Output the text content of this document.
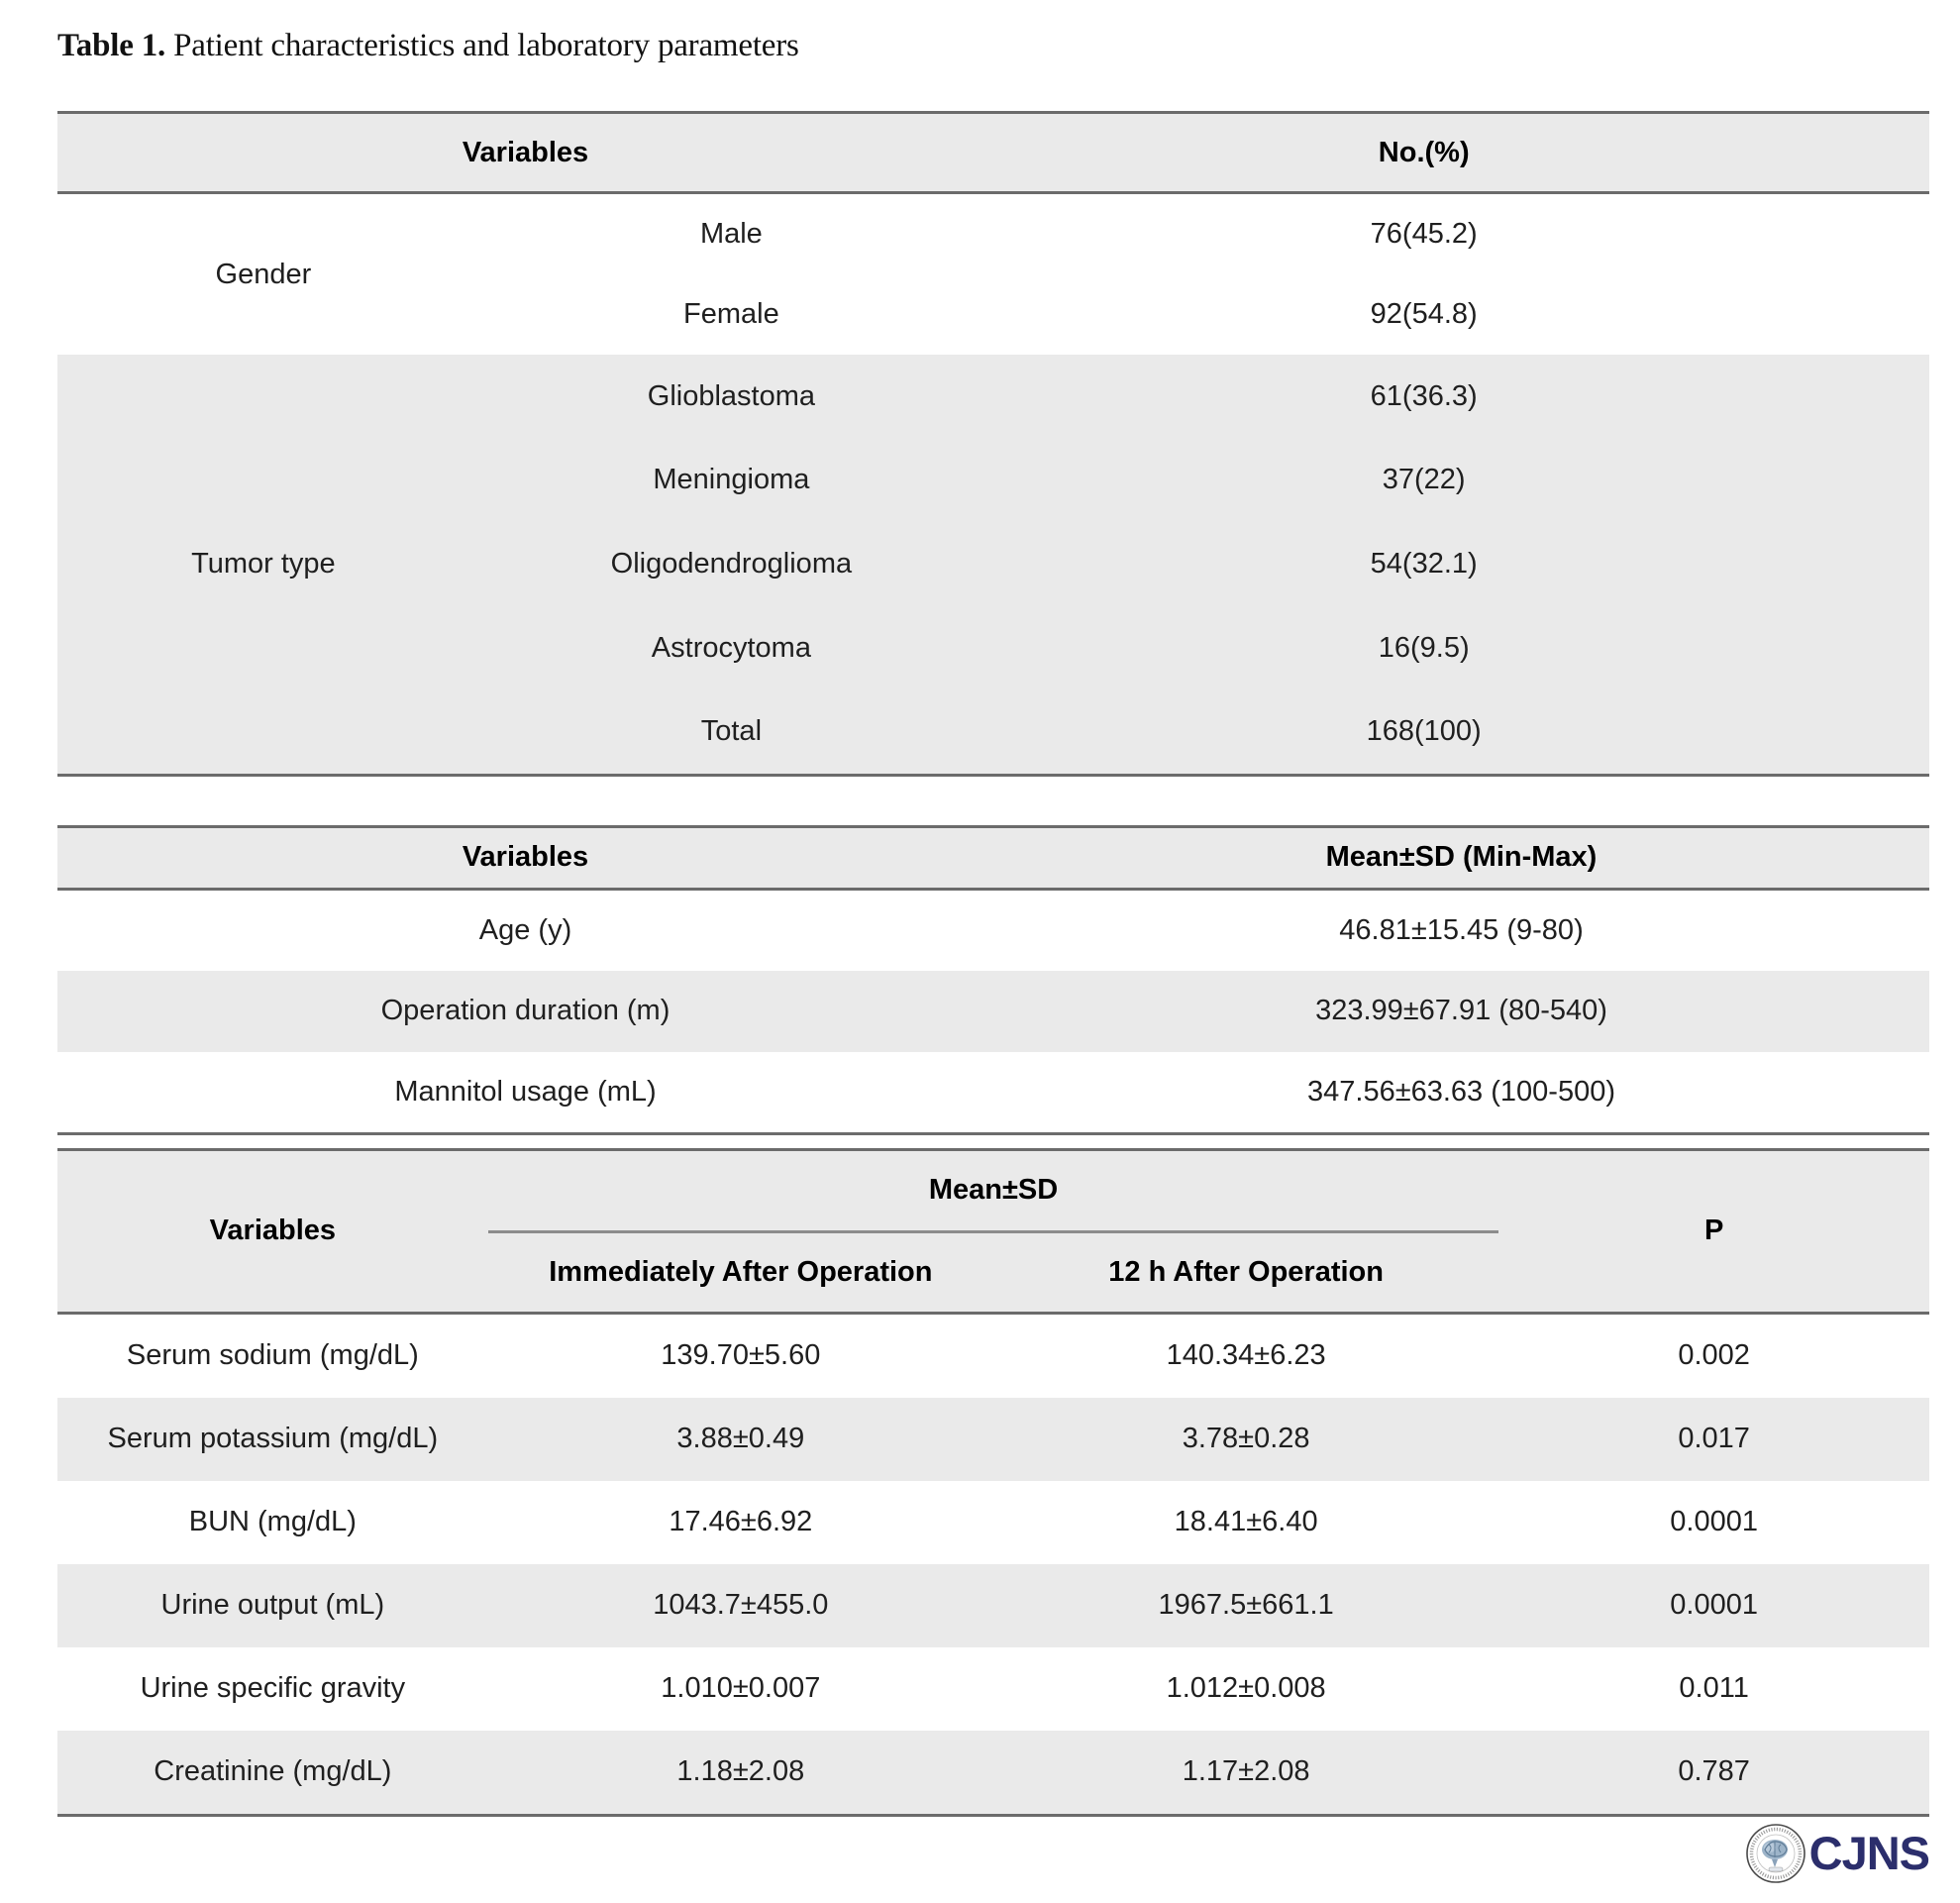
Table 1. Patient characteristics and laboratory parameters
Variables	No.(%)
Gender
Male	76(45.2)
Female	92(54.8)
Tumor type
Glioblastoma	61(36.3)
Meningioma	37(22)
Oligodendroglioma	54(32.1)
Astrocytoma	16(9.5)
Total	168(100)
Variables	Mean±SD (Min-Max)
Age (y)	46.81±15.45 (9-80)
Operation duration (m)	323.99±67.91 (80-540)
Mannitol usage (mL)	347.56±63.63 (100-500)
Variables
Mean±SD
Immediately After Operation	12 h After Operation
P
Serum sodium (mg/dL)	139.70±5.60	140.34±6.23	0.002
Serum potassium (mg/dL)	3.88±0.49	3.78±0.28	0.017
BUN (mg/dL)	17.46±6.92	18.41±6.40	0.0001
Urine output (mL)	1043.7±455.0	1967.5±661.1	0.0001
Urine specific gravity	1.010±0.007	1.012±0.008	0.011
Creatinine (mg/dL)	1.18±2.08	1.17±2.08	0.787
CJNS
